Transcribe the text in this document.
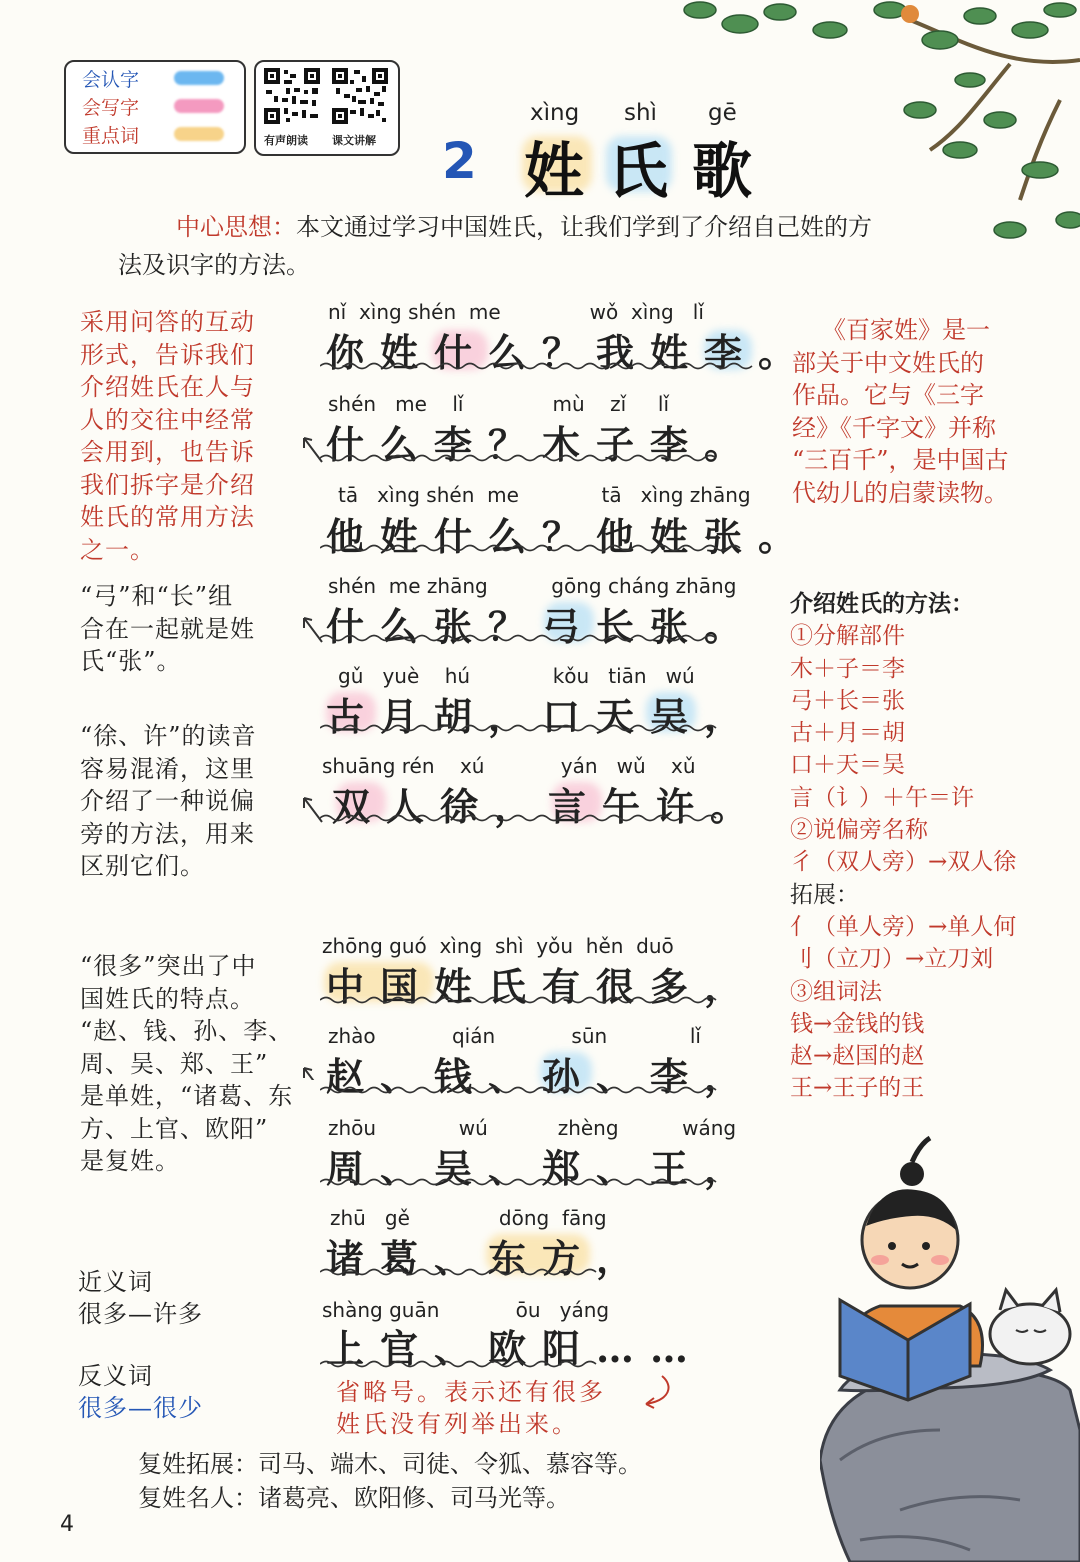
会认字
会写字
重点词	有声朗读 课文讲解
xìng shì gē
2 姓 氏 歌
中心思想：本文通过学习中国姓氏，让我们学到了介绍自己姓的方
法及识字的方法。
采用问答的互动
形式，告诉我们
介绍姓氏在人与
人的交往中经常
会用到，也告诉
我们拆字是介绍
姓氏的常用方法
之一。
“弓”和“长”组
合在一起就是姓
氏“张”。
“徐、许”的读音
容易混淆，这里
介绍了一种说偏
旁的方法，用来
区别它们。
“很多”突出了中
国姓氏的特点。
“赵、钱、孙、李、
周、吴、郑、王”
是单姓，“诸葛、东
方、上官、欧阳”
是复姓。
nǐ  xìng shén  me              wǒ  xìng   lǐ
你姓什么？我姓李。
shén   me    lǐ              mù    zǐ     lǐ
什么李？木子李。
tā   xìng shén  me             tā   xìng zhāng
他姓什么？他姓张。
shén  me zhāng          gōng cháng zhāng
什么张？弓长张。
gǔ   yuè    hú             kǒu   tiān   wú
古月胡，口天吴，
shuāng rén    xú            yán   wǔ    xǔ
双人徐，言午许。
zhōng guó  xìng  shì  yǒu  hěn  duō
中国姓氏有很多，
zhào            qián            sūn             lǐ
赵、钱、孙、李，
zhōu             wú           zhèng          wáng
周、吴、郑、王，
zhū   gě              dōng  fāng
诸葛、东方，
shàng guān            ōu   yáng
上官、欧阳……
《百家姓》是一
部关于中文姓氏的
作品。它与《三字
经》《千字文》并称
“三百千”，是中国古
代幼儿的启蒙读物。
介绍姓氏的方法：
①分解部件
木＋子＝李
弓＋长＝张
古＋月＝胡
口＋天＝吴
言（讠）＋午＝许
②说偏旁名称
彳（双人旁）→双人徐
拓展：
亻（单人旁）→单人何
刂（立刀）→立刀刘
③组词法
钱→金钱的钱
赵→赵国的赵
王→王子的王
近义词
很多—许多
反义词
很多—很少
省略号。表示还有很多
姓氏没有列举出来。
复姓拓展：司马、端木、司徒、令狐、慕容等。
复姓名人：诸葛亮、欧阳修、司马光等。
4
